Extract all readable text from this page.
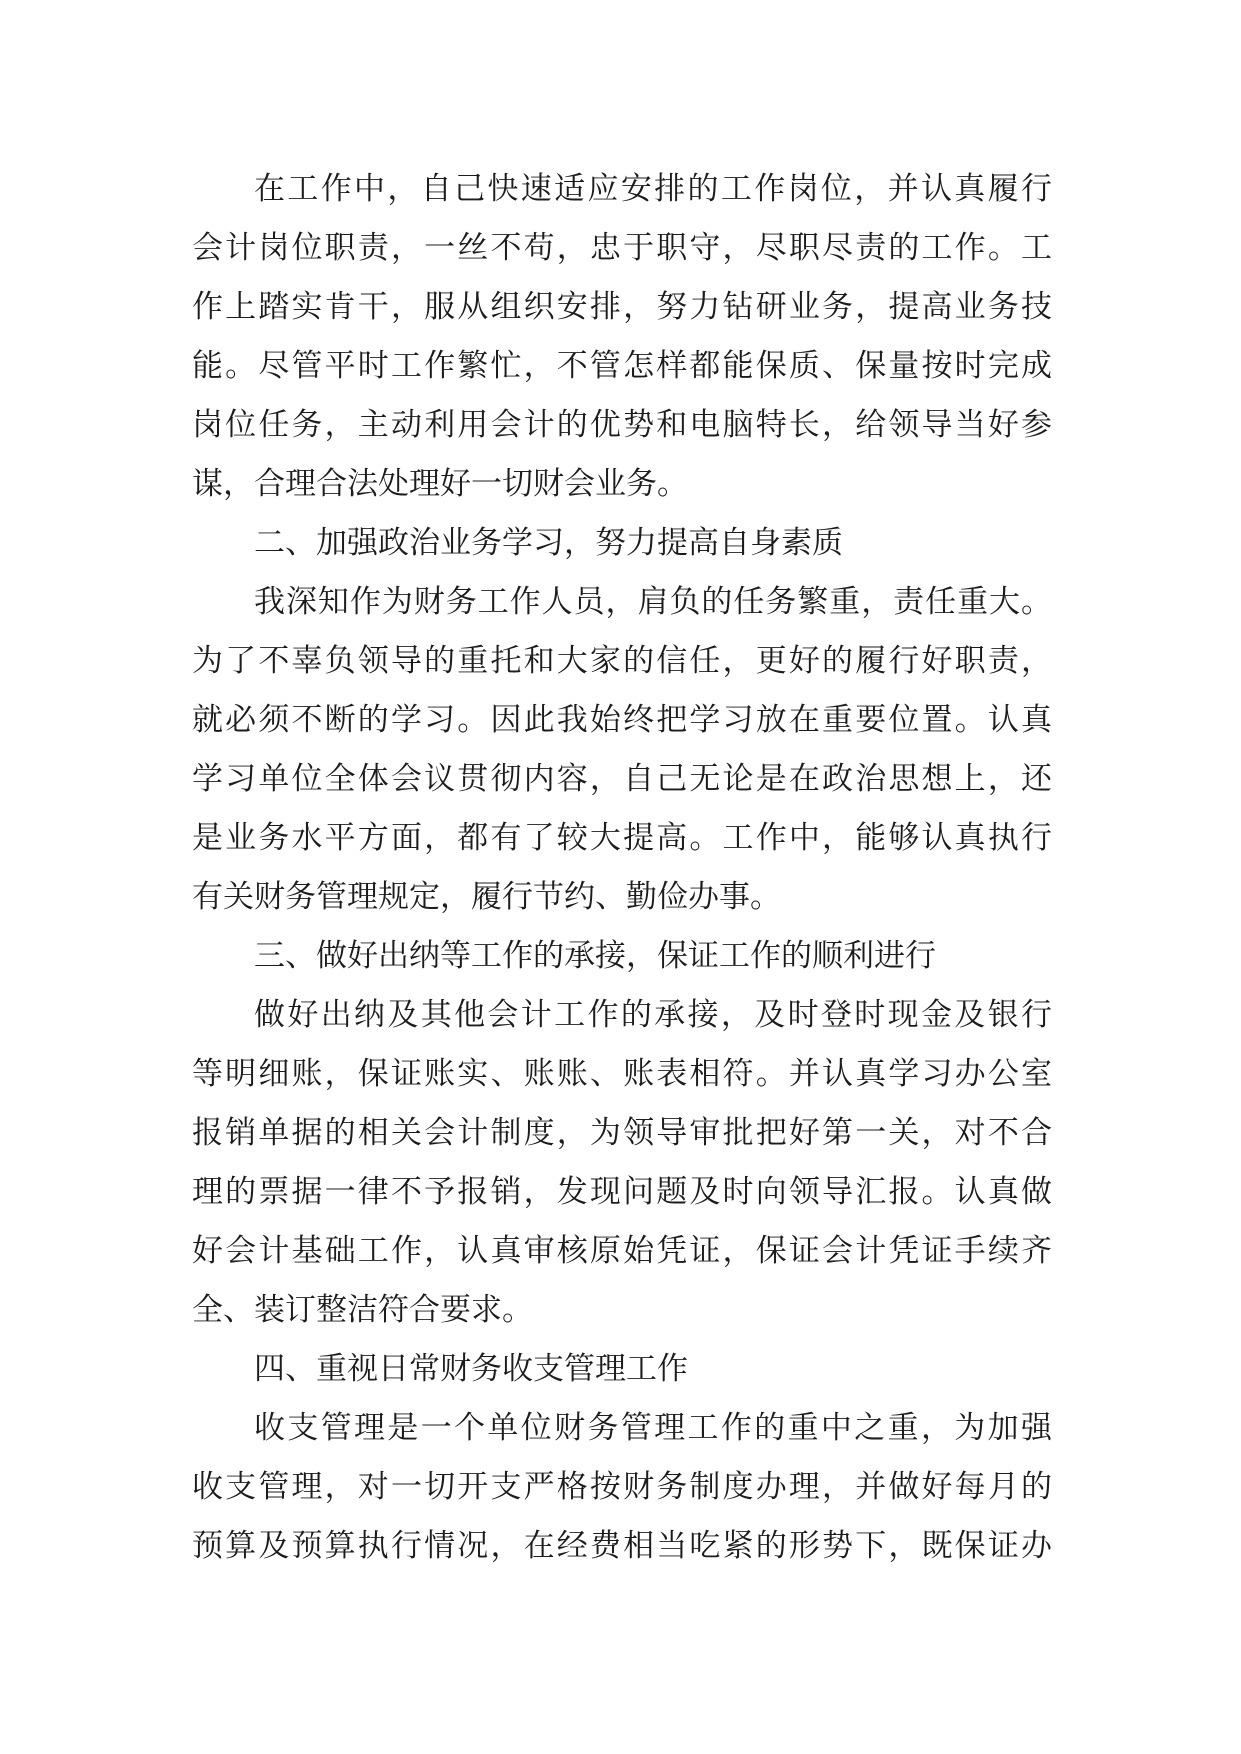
在工作中，自己快速适应安排的工作岗位，并认真履行
会计岗位职责，一丝不苟，忠于职守，尽职尽责的工作。工
作上踏实肯干，服从组织安排，努力钻研业务，提高业务技
能。尽管平时工作繁忙，不管怎样都能保质、保量按时完成
岗位任务，主动利用会计的优势和电脑特长，给领导当好参
谋，合理合法处理好一切财会业务。
二、加强政治业务学习，努力提高自身素质
我深知作为财务工作人员，肩负的任务繁重，责任重大。
为了不辜负领导的重托和大家的信任，更好的履行好职责，
就必须不断的学习。因此我始终把学习放在重要位置。认真
学习单位全体会议贯彻内容，自己无论是在政治思想上，还
是业务水平方面，都有了较大提高。工作中，能够认真执行
有关财务管理规定，履行节约、勤俭办事。
三、做好出纳等工作的承接，保证工作的顺利进行
做好出纳及其他会计工作的承接，及时登时现金及银行
等明细账，保证账实、账账、账表相符。并认真学习办公室
报销单据的相关会计制度，为领导审批把好第一关，对不合
理的票据一律不予报销，发现问题及时向领导汇报。认真做
好会计基础工作，认真审核原始凭证，保证会计凭证手续齐
全、装订整洁符合要求。
四、重视日常财务收支管理工作
收支管理是一个单位财务管理工作的重中之重，为加强
收支管理，对一切开支严格按财务制度办理，并做好每月的
预算及预算执行情况，在经费相当吃紧的形势下，既保证办
